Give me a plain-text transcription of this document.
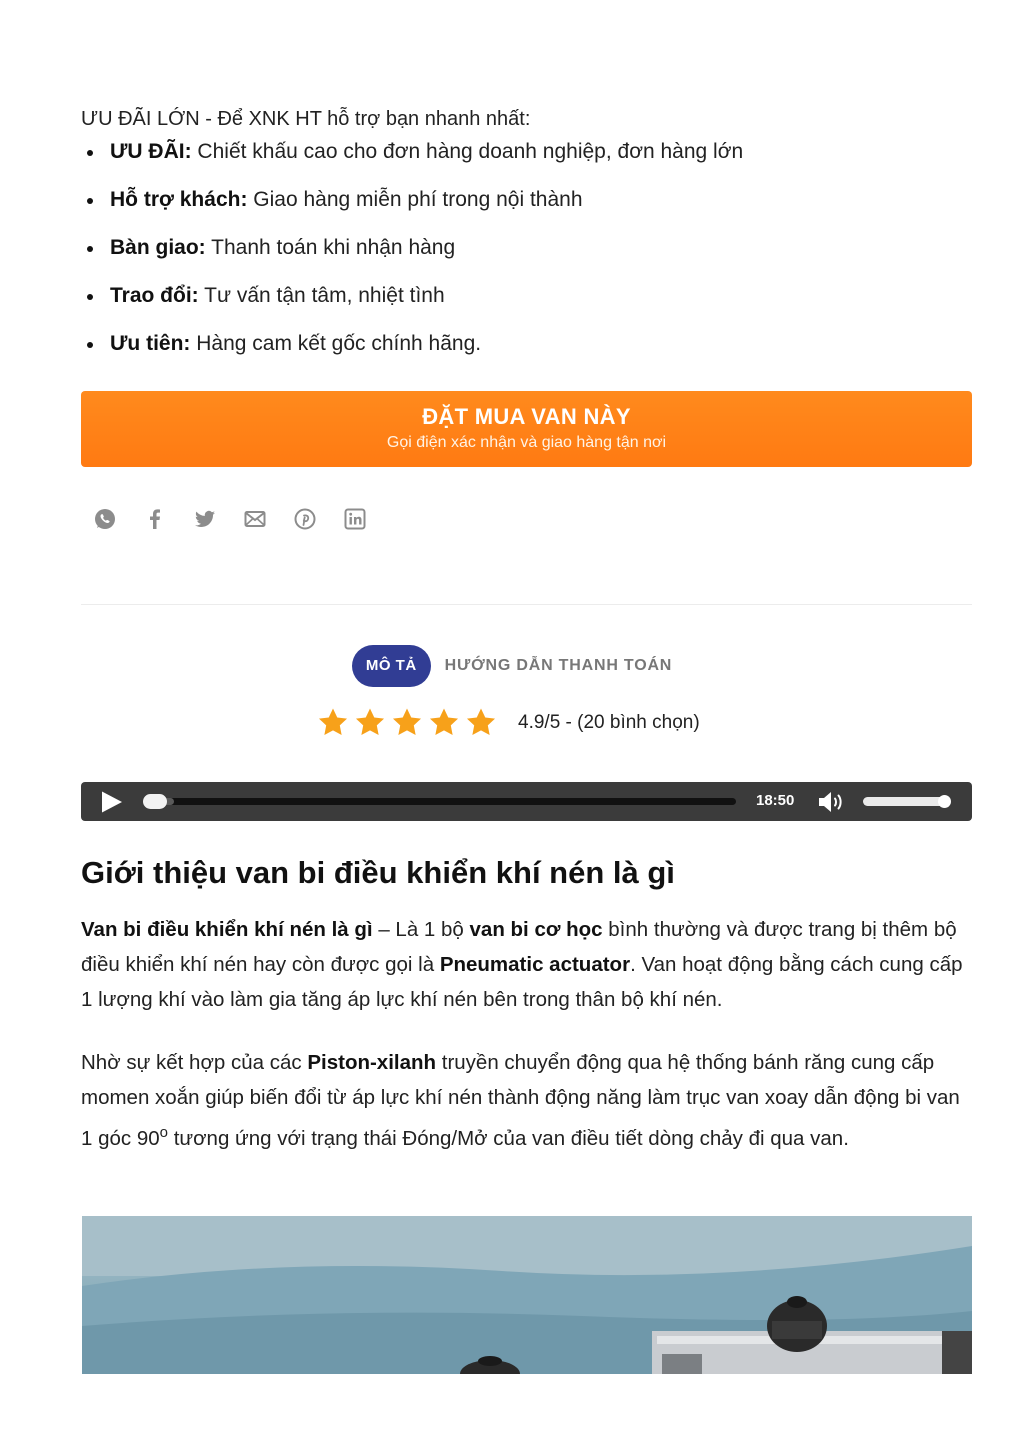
ƯU ĐÃI LỚN - Để XNK HT hỗ trợ bạn nhanh nhất:
ƯU ĐÃI: Chiết khấu cao cho đơn hàng doanh nghiệp, đơn hàng lớn
Hỗ trợ khách: Giao hàng miễn phí trong nội thành
Bàn giao: Thanh toán khi nhận hàng
Trao đổi: Tư vấn tận tâm, nhiệt tình
Ưu tiên: Hàng cam kết gốc chính hãng.
ĐẶT MUA VAN NÀY
Gọi điện xác nhận và giao hàng tận nơi
MÔ TẢ	HƯỚNG DẪN THANH TOÁN
4.9/5 - (20 bình chọn)
18:50
Giới thiệu van bi điều khiển khí nén là gì

Van bi điều khiển khí nén là gì – Là 1 bộ van bi cơ học bình thường và được trang bị thêm bộ điều khiển khí nén hay còn được gọi là Pneumatic actuator. Van hoạt động bằng cách cung cấp 1 lượng khí vào làm gia tăng áp lực khí nén bên trong thân bộ khí nén.

Nhờ sự kết hợp của các Piston-xilanh truyền chuyển động qua hệ thống bánh răng cung cấp momen xoắn giúp biến đổi từ áp lực khí nén thành động năng làm trục van xoay dẫn động bi van 1 góc 90$^o$ tương ứng với trạng thái Đóng/Mở của van điều tiết dòng chảy đi qua van.
